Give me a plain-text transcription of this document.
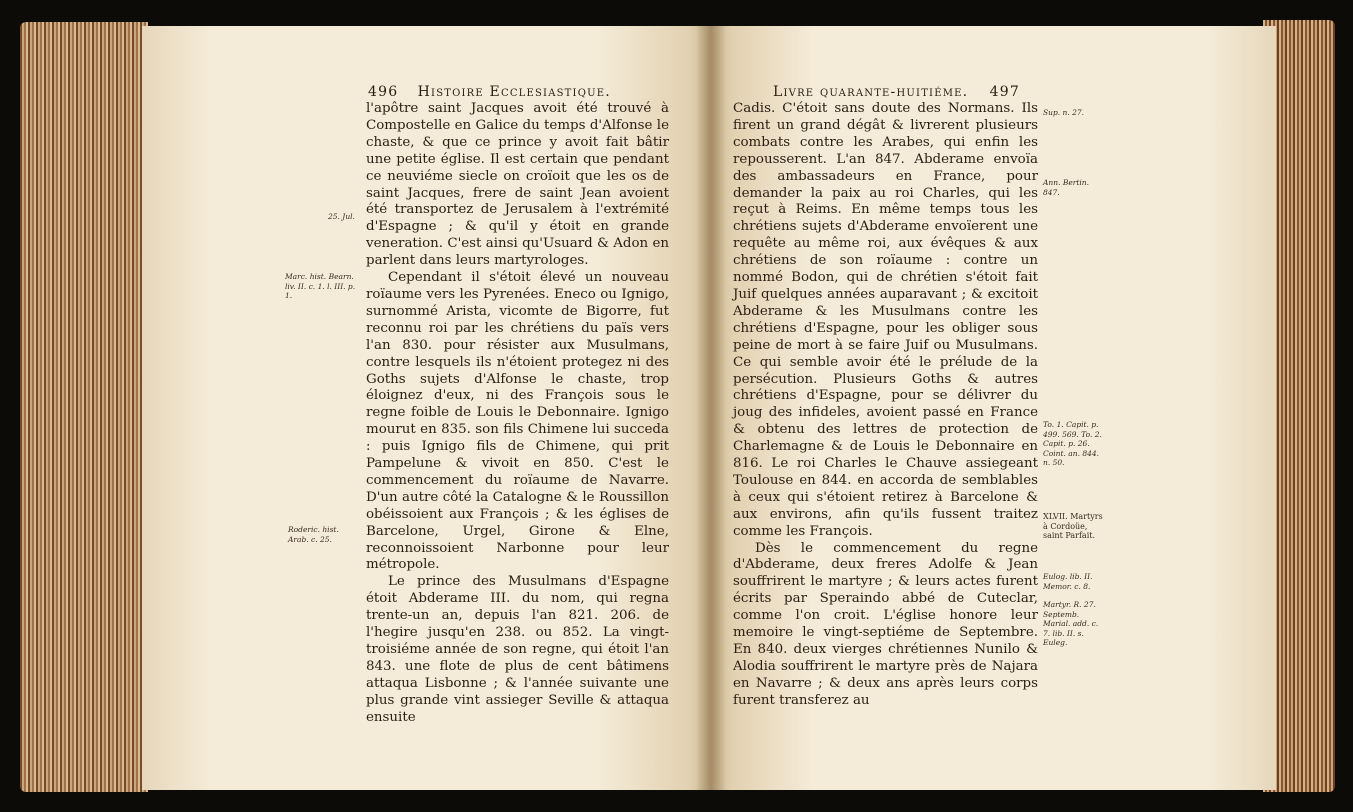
496 Histoire Ecclesiastique.
25. Jul.
Marc. hist. Bearn. liv. II. c. 1. l. III. p. 1.
Roderic. hist. Arab. c. 25.

l'apôtre saint Jacques avoit été trouvé à Compostelle en Galice du temps d'Alfonse le chaste, & que ce prince y avoit fait bâtir une petite église. Il est certain que pendant ce neuviéme siecle on croïoit que les os de saint Jacques, frere de saint Jean avoient été transportez de Jerusalem à l'extrémité d'Espagne ; & qu'il y étoit en grande veneration. C'est ainsi qu'Usuard & Adon en parlent dans leurs martyrologes.

Cependant il s'étoit élevé un nouveau roïaume vers les Pyrenées. Eneco ou Ignigo, surnommé Arista, vicomte de Bigorre, fut reconnu roi par les chrétiens du païs vers l'an 830. pour résister aux Musulmans, contre lesquels ils n'étoient protegez ni des Goths sujets d'Alfonse le chaste, trop éloignez d'eux, ni des François sous le regne foible de Louis le Debonnaire. Ignigo mourut en 835. son fils Chimene lui succeda : puis Ignigo fils de Chimene, qui prit Pampelune & vivoit en 850. C'est le commencement du roïaume de Navarre. D'un autre côté la Catalogne & le Roussillon obéissoient aux François ; & les églises de Barcelone, Urgel, Girone & Elne, reconnoissoient Narbonne pour leur métropole.

Le prince des Musulmans d'Espagne étoit Abderame III. du nom, qui regna trente-un an, depuis l'an 821. 206. de l'hegire jusqu'en 238. ou 852. La vingt-troisiéme année de son regne, qui étoit l'an 843. une flote de plus de cent bâtimens attaqua Lisbonne ; & l'année suivante une plus grande vint assieger Seville & attaqua ensuite

Livre quarante-huitiéme. 497

Cadis. C'étoit sans doute des Normans. Ils firent un grand dégât & livrerent plusieurs combats contre les Arabes, qui enfin les repousserent. L'an 847. Abderame envoïa des ambassadeurs en France, pour demander la paix au roi Charles, qui les reçut à Reims. En même temps tous les chrétiens sujets d'Abderame envoïerent une requête au même roi, aux évêques & aux chrétiens de son roïaume : contre un nommé Bodon, qui de chrétien s'étoit fait Juif quelques années auparavant ; & excitoit Abderame & les Musulmans contre les chrétiens d'Espagne, pour les obliger sous peine de mort à se faire Juif ou Musulmans. Ce qui semble avoir été le prélude de la persécution. Plusieurs Goths & autres chrétiens d'Espagne, pour se délivrer du joug des infideles, avoient passé en France & obtenu des lettres de protection de Charlemagne & de Louis le Debonnaire en 816. Le roi Charles le Chauve assiegeant Toulouse en 844. en accorda de semblables à ceux qui s'étoient retirez à Barcelone & aux environs, afin qu'ils fussent traitez comme les François.

Dès le commencement du regne d'Abderame, deux freres Adolfe & Jean souffrirent le martyre ; & leurs actes furent écrits par Speraindo abbé de Cuteclar, comme l'on croit. L'église honore leur memoire le vingt-septiéme de Septembre. En 840. deux vierges chrétiennes Nunilo & Alodia souffrirent le martyre près de Najara en Navarre ; & deux ans après leurs corps furent transferez au

Sup. n. 27.
Ann. Bertin. 847.
To. 1. Capit. p. 499. 569. To. 2. Capit. p. 26. Coint. an. 844. n. 50.
XLVII. Martyrs à Cordoüe, saint Parfait.
Eulog. lib. II. Memor. c. 8.
Martyr. R. 27. Septemb. Marial. add. c. 7. lib. II. s. Euleg.
